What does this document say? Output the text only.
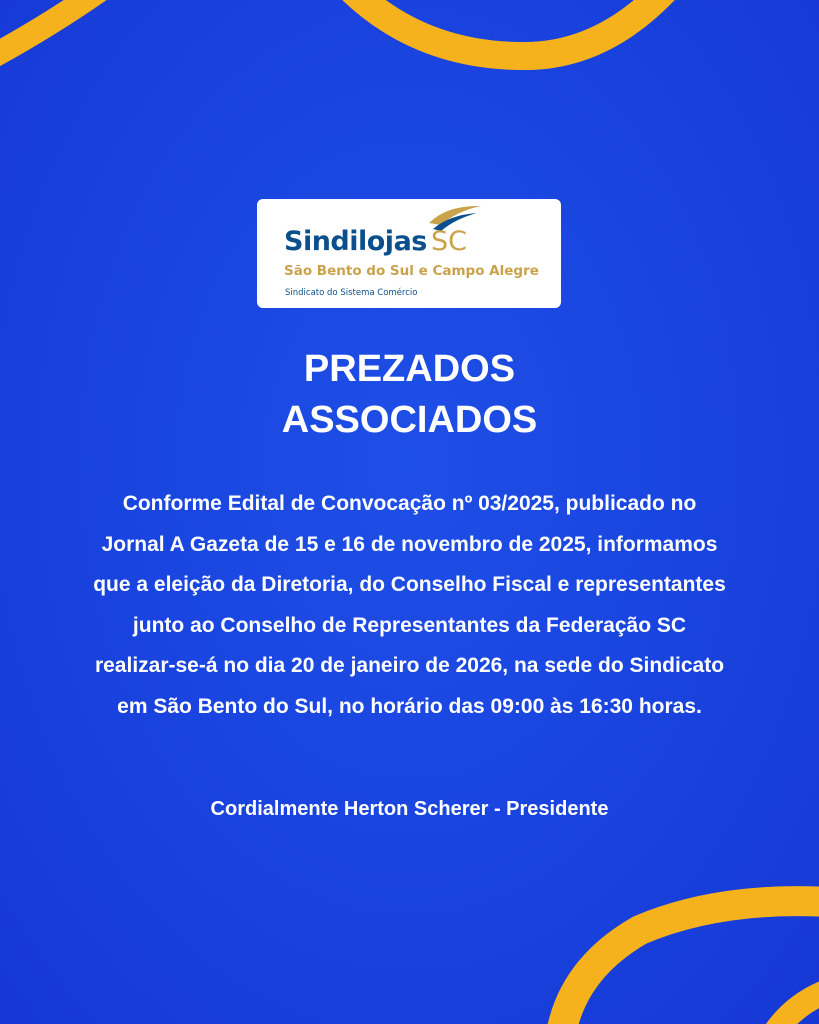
Sindilojas SC
São Bento do Sul e Campo Alegre
Sindicato do Sistema Comércio
PREZADOS
ASSOCIADOS
Conforme Edital de Convocação nº 03/2025, publicado no
Jornal A Gazeta de 15 e 16 de novembro de 2025, informamos
que a eleição da Diretoria, do Conselho Fiscal e representantes
junto ao Conselho de Representantes da Federação SC
realizar-se-á no dia 20 de janeiro de 2026, na sede do Sindicato
em São Bento do Sul, no horário das 09:00 às 16:30 horas.
Cordialmente Herton Scherer - Presidente
